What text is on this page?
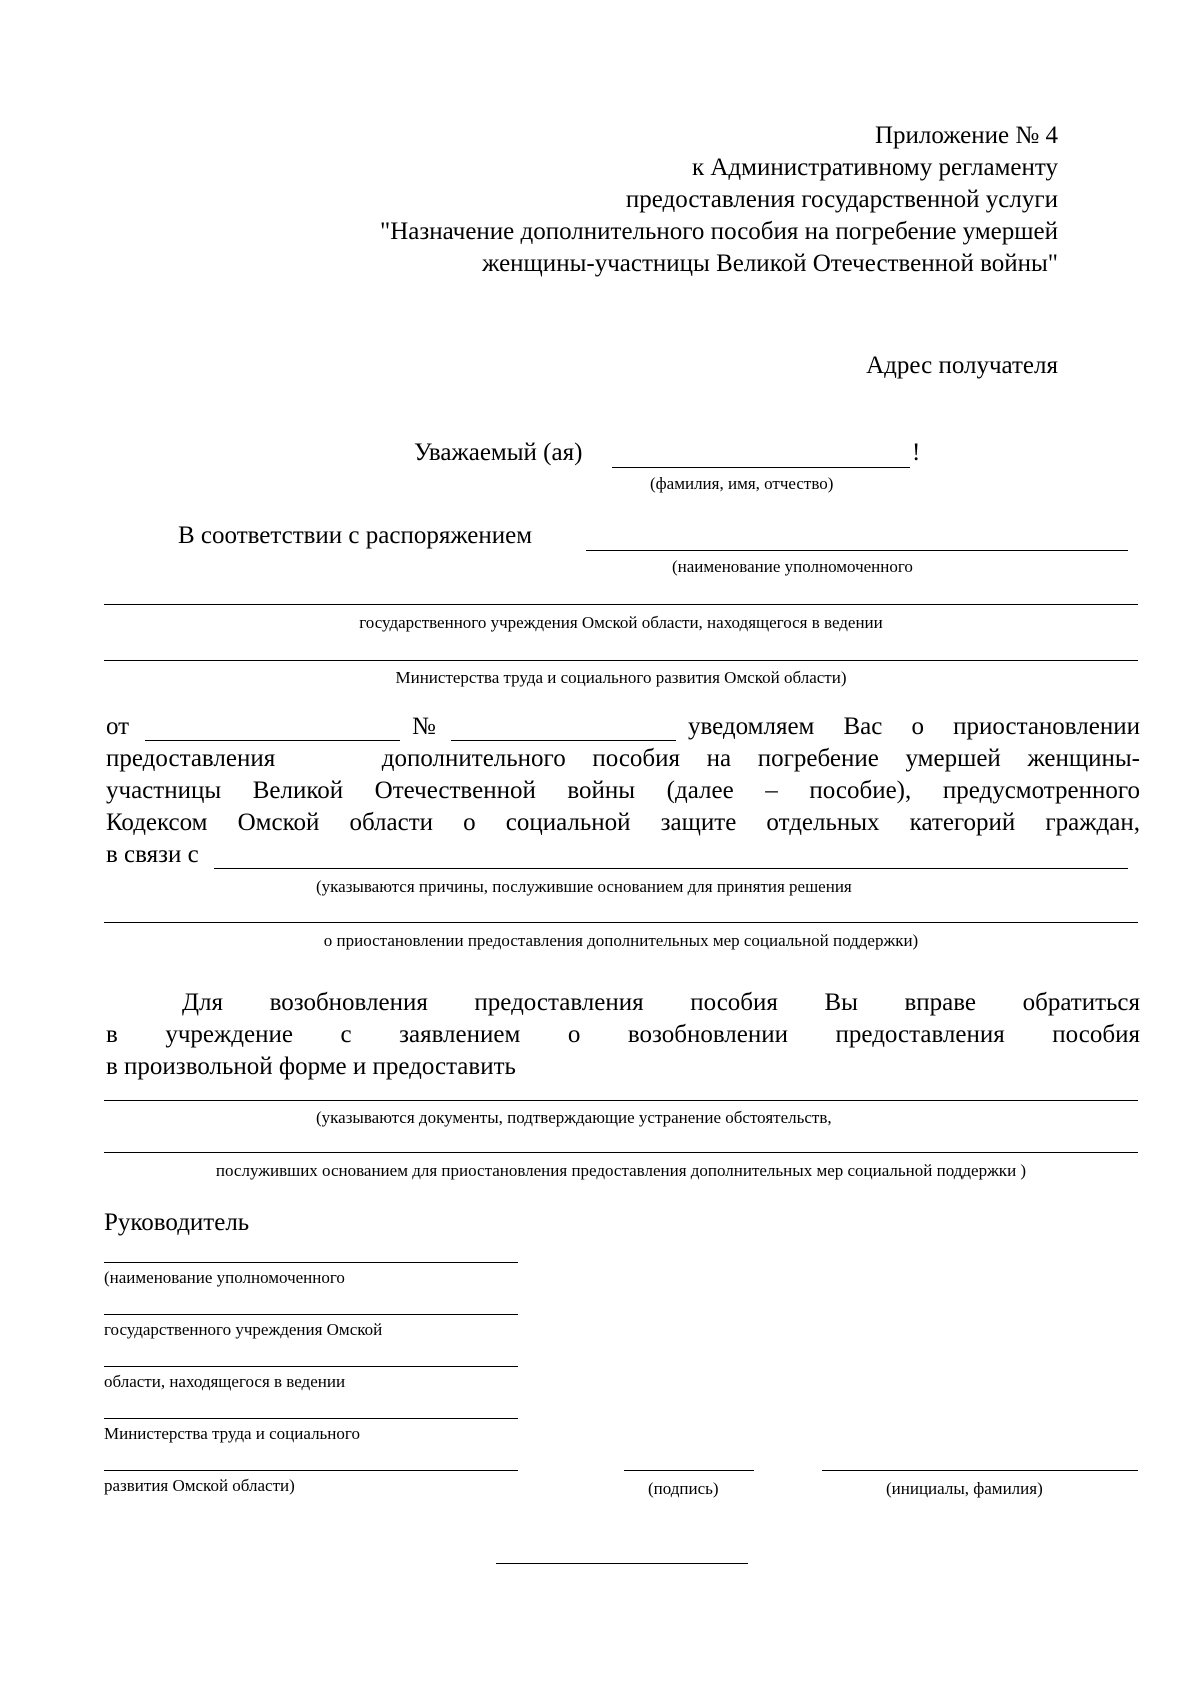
Приложение № 4
к Административному регламенту
предоставления государственной услуги
"Назначение дополнительного пособия на погребение умершей
женщины-участницы Великой Отечественной войны"
Адрес получателя
Уважаемый (ая)	!
(фамилия, имя, отчество)
В соответствии с распоряжением
(наименование уполномоченного
государственного учреждения Омской области, находящегося в ведении
Министерства труда и социального развития Омской области)
от	№	уведомляем Вас о приостановлении
предоставления    дополнительного пособия на погребение умершей женщины-
участницы Великой Отечественной войны (далее – пособие), предусмотренного
Кодексом Омской области о социальной защите отдельных категорий граждан,
в связи с
(указываются причины, послужившие основанием для принятия решения
о приостановлении предоставления дополнительных мер социальной поддержки)
Для возобновления предоставления пособия Вы вправе обратиться
в учреждение с заявлением о возобновлении предоставления пособия
в произвольной форме и предоставить
(указываются документы, подтверждающие устранение обстоятельств,
послуживших основанием для приостановления предоставления дополнительных мер социальной поддержки )
Руководитель
(наименование уполномоченного
государственного учреждения Омской
области, находящегося в ведении
Министерства труда и социального
развития Омской области)	(подпись)	(инициалы, фамилия)
